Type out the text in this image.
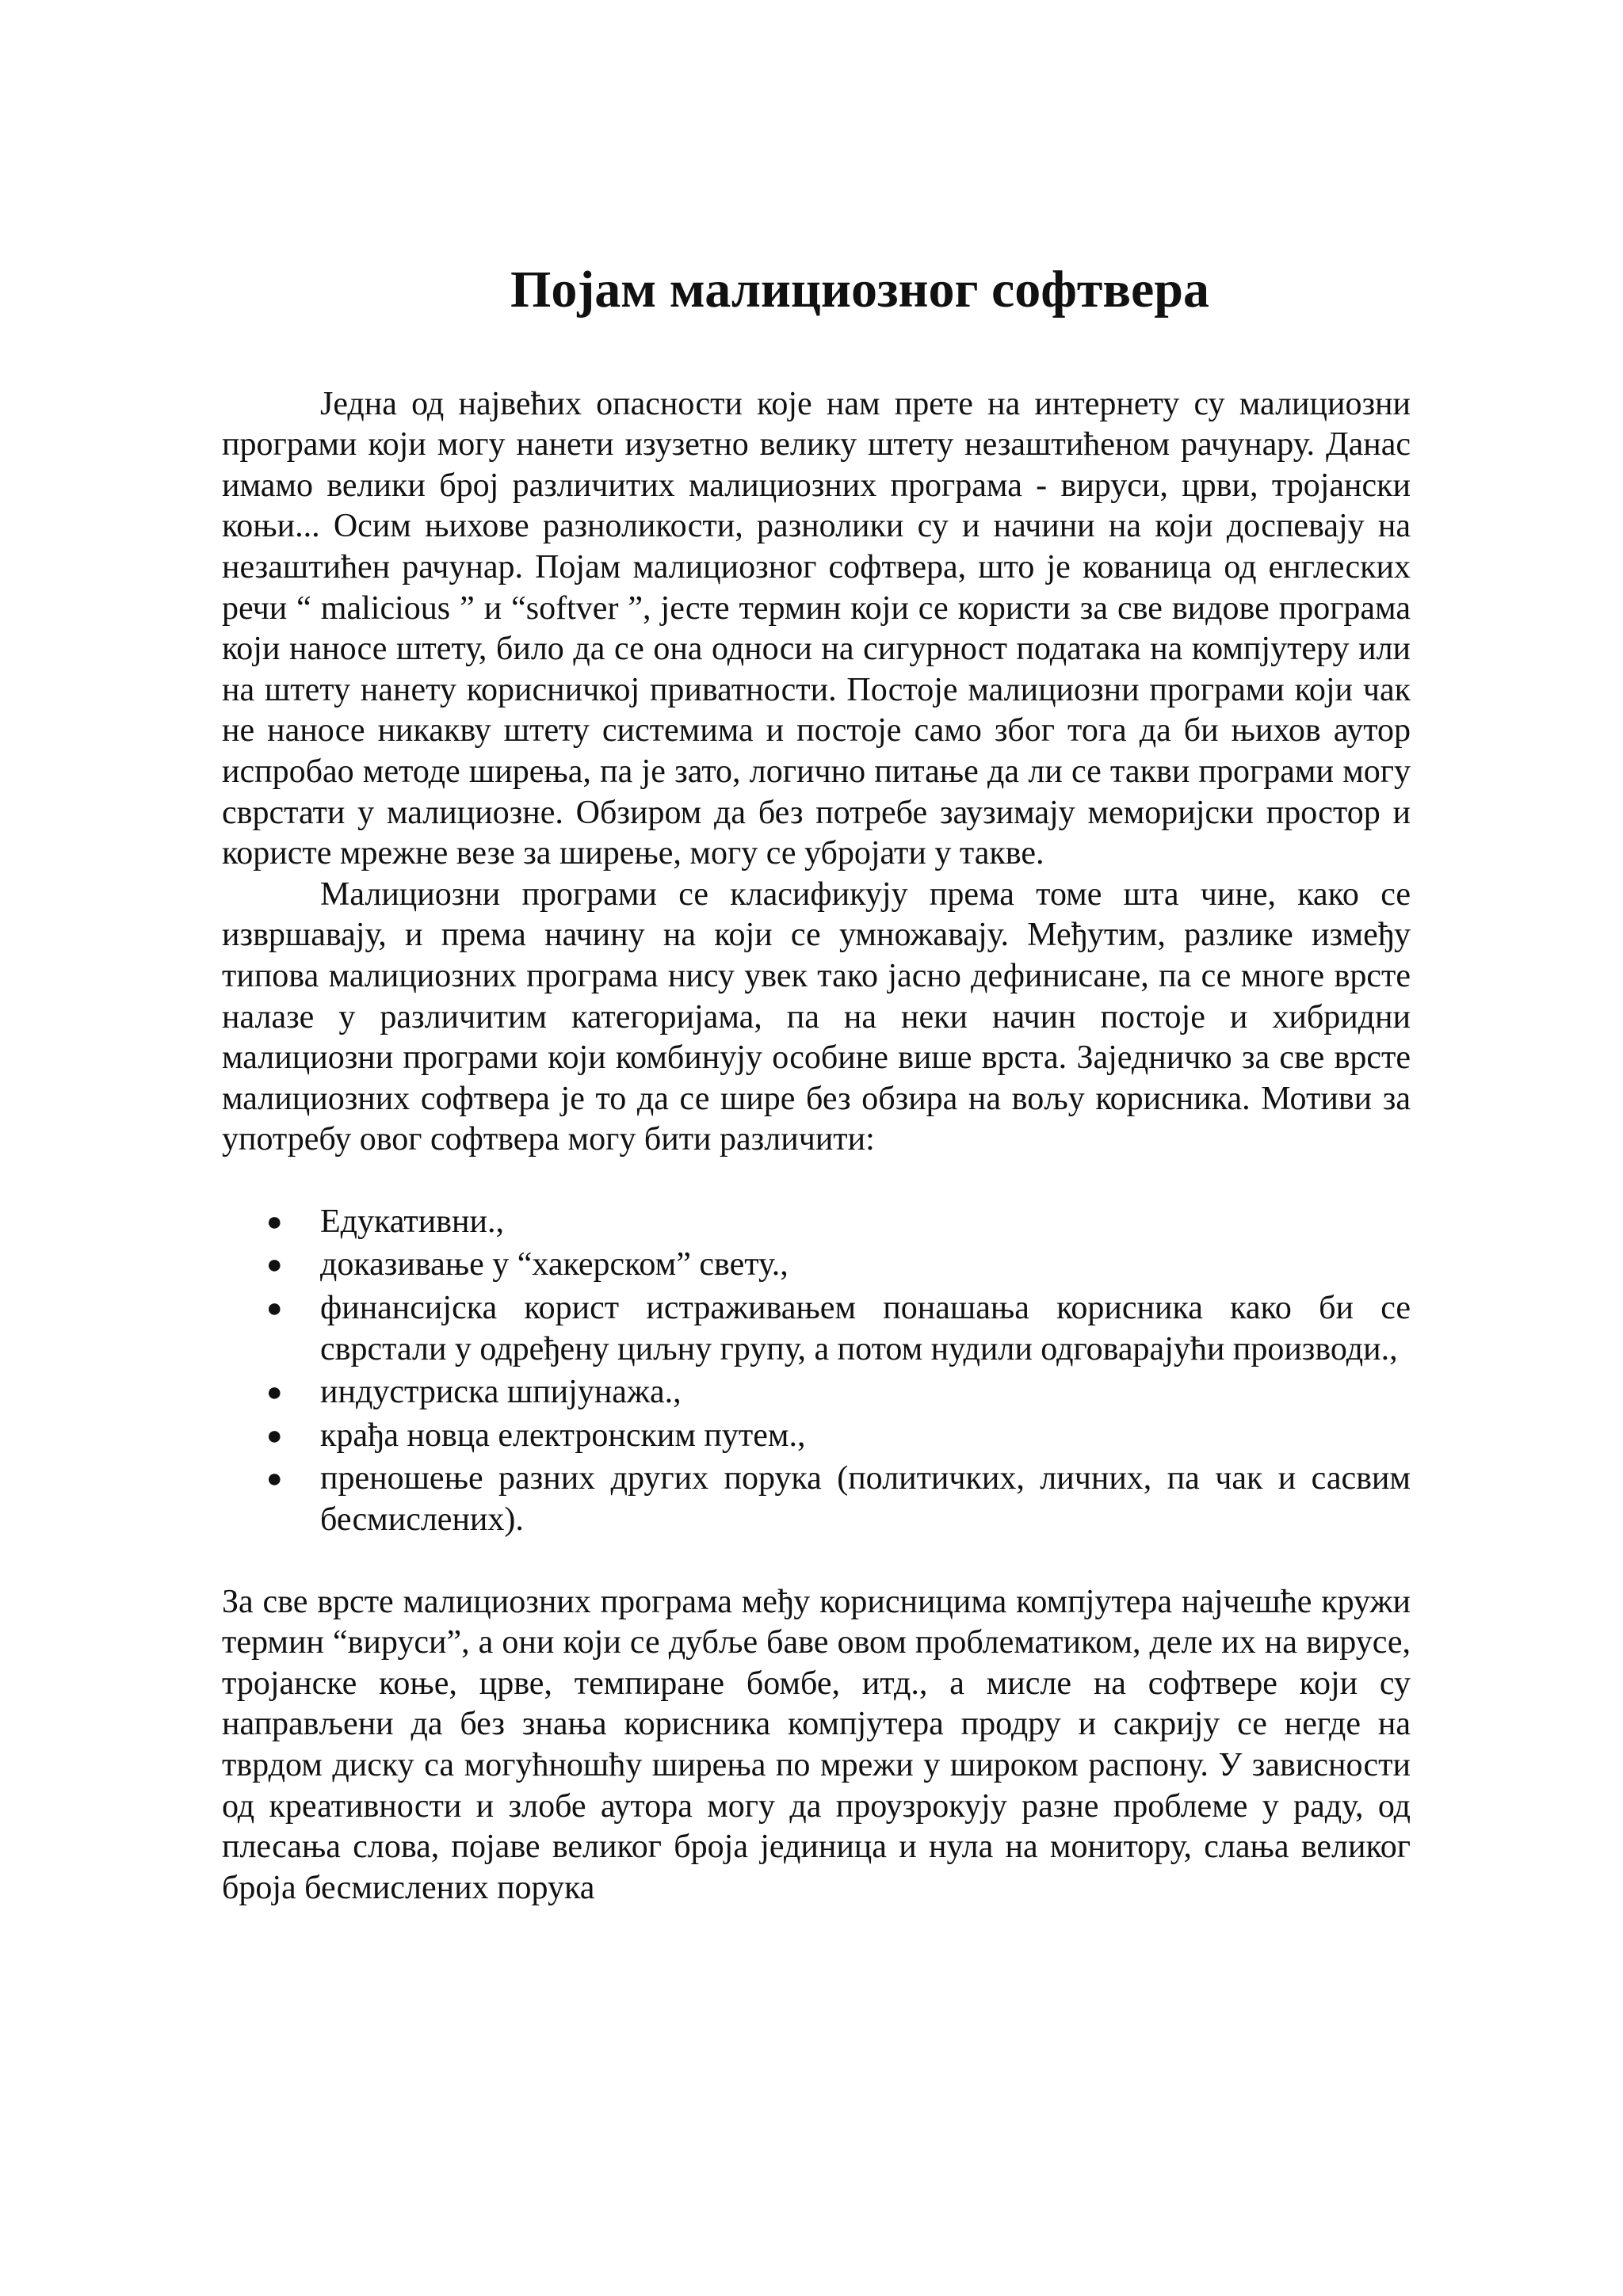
Појам малициозног софтвера

Једна од највећих опасности које нам прете на интернету су малициозни програми који могу нанети изузетно велику штету незаштићеном рачунару. Данас имамо велики број различитих малициозних програма - вируси, црви, тројански коњи... Осим њихове разноликости, разнолики су и начини на који доспевају на незаштићен рачунар. Појам малициозног софтвера, што је кованица од енглеских речи “ malicious ” и “softver ”, јесте термин који се користи за све видове програма који наносе штету, било да се она односи на сигурност података на компјутеру или на штету нанету корисничкој приватности. Постоје малициозни програми који чак не наносе никакву штету системима и постоје само због тога да би њихов аутор испробао методе ширења, па је зато, логично питање да ли се такви програми могу сврстати у малициозне. Обзиром да без потребе заузимају меморијски простор и користе мрежне везе за ширење, могу се убројати у такве.

Малициозни програми се класификују према томе шта чине, како се извршавају, и према начину на који се умножавају. Међутим, разлике између типова малициозних програма нису увек тако јасно дефинисане, па се многе врсте налазе у различитим категоријама, па на неки начин постоје и хибридни малициозни програми који комбинују особине више врста. Заједничко за све врсте малициозних софтвера је то да се шире без обзира на вољу корисника. Мотиви за употребу овог софтвера могу бити различити:

● Едукативни.,
● доказивање у “хакерском” свету.,
● финансијска корист истраживањем понашања корисника како би се сврстали у одређену циљну групу, а потом нудили одговарајући производи.,
● индустриска шпијунажа.,
● крађа новца електронским путем.,
● преношење разних других порука (политичких, личних, па чак и сасвим бесмислених).

За све врсте малициозних програма међу корисницима компјутера најчешће кружи термин “вируси”, а они који се дубље баве овом проблематиком, деле их на вирусе, тројанске коње, црве, темпиране бомбе, итд., а мисле на софтвере који су направљени да без знања корисника компјутера продру и сакрију се негде на тврдом диску са могућношћу ширења по мрежи у широком распону. У зависности од креативности и злобе аутора могу да проузрокују разне проблеме у раду, од плесања слова, појаве великог броја јединица и нула на монитору, слања великог броја бесмислених порука
